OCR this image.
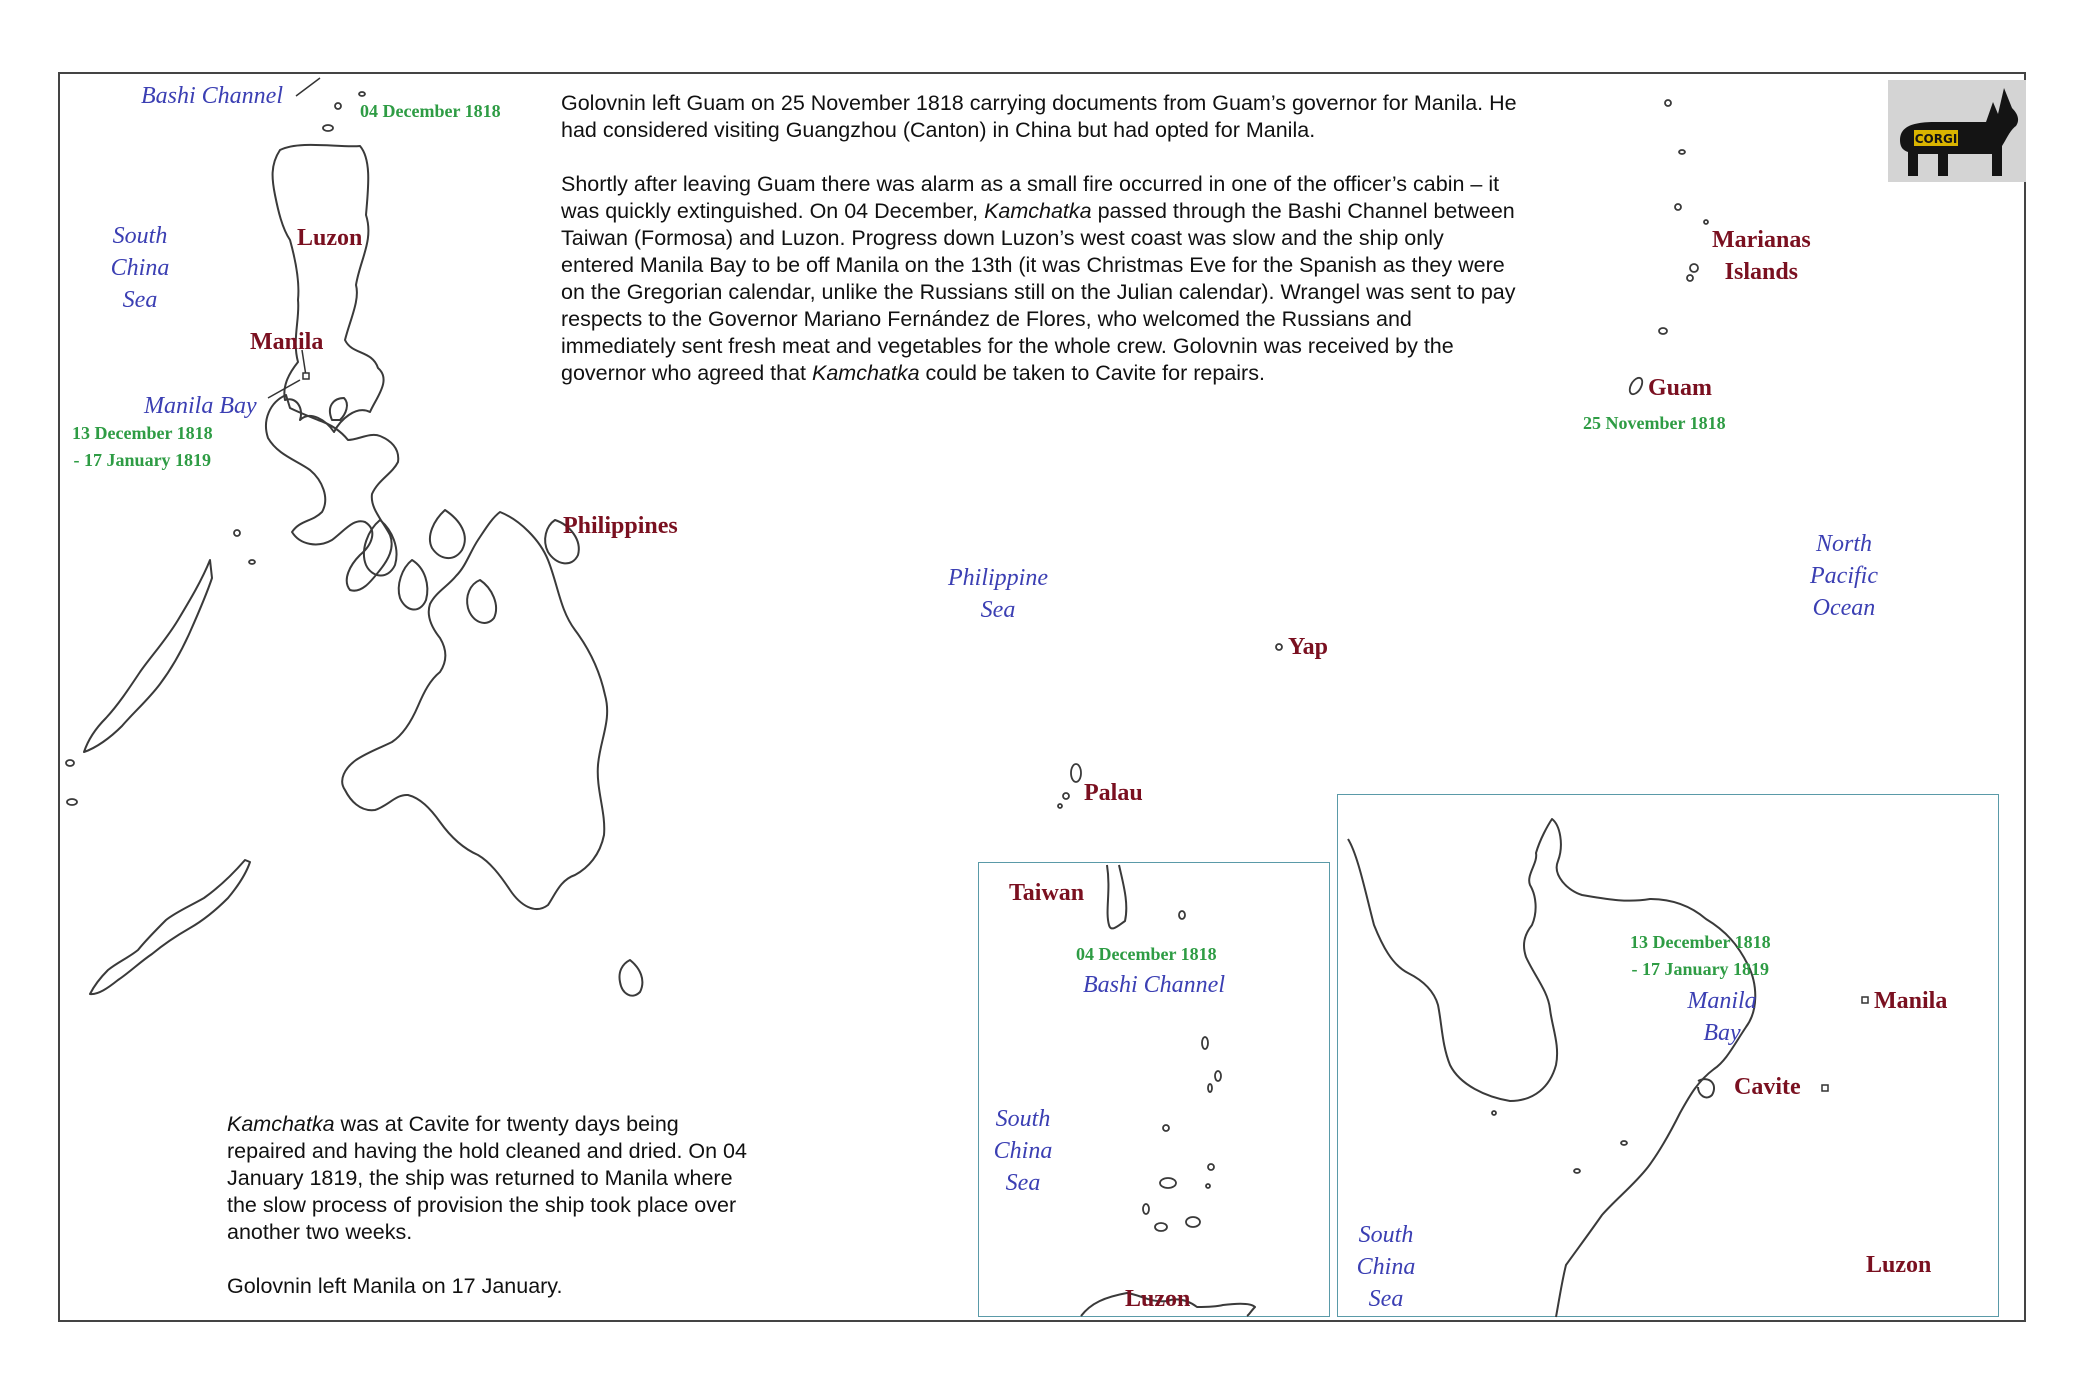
Bashi Channel
04 December 1818
South
China
Sea
Luzon
Manila
Manila Bay
13 December 1818
- 17 January 1819
Philippines
Marianas
Islands
Guam
25 November 1818
North
Pacific
Ocean
Philippine
Sea
Yap
Palau

Golovnin left Guam on 25 November 1818 carrying documents from Guam’s governor for Manila. He had considered visiting Guangzhou (Canton) in China but had opted for Manila.

Shortly after leaving Guam there was alarm as a small fire occurred in one of the officer’s cabin – it was quickly extinguished. On 04 December, Kamchatka passed through the Bashi Channel between Taiwan (Formosa) and Luzon. Progress down Luzon’s west coast was slow and the ship only entered Manila Bay to be off Manila on the 13th (it was Christmas Eve for the Spanish as they were on the Gregorian calendar, unlike the Russians still on the Julian calendar). Wrangel was sent to pay respects to the Governor Mariano Fernández de Flores, who welcomed the Russians and immediately sent fresh meat and vegetables for the whole crew. Golovnin was received by the governor who agreed that Kamchatka could be taken to Cavite for repairs.

Kamchatka was at Cavite for twenty days being repaired and having the hold cleaned and dried. On 04 January 1819, the ship was returned to Manila where the slow process of provision the ship took place over another two weeks.

Golovnin left Manila on 17 January.

CORGI
Taiwan
04 December 1818
Bashi Channel
South
China
Sea
Luzon
13 December 1818
- 17 January 1819
Manila
Bay
Manila
Cavite
South
China
Sea
Luzon
